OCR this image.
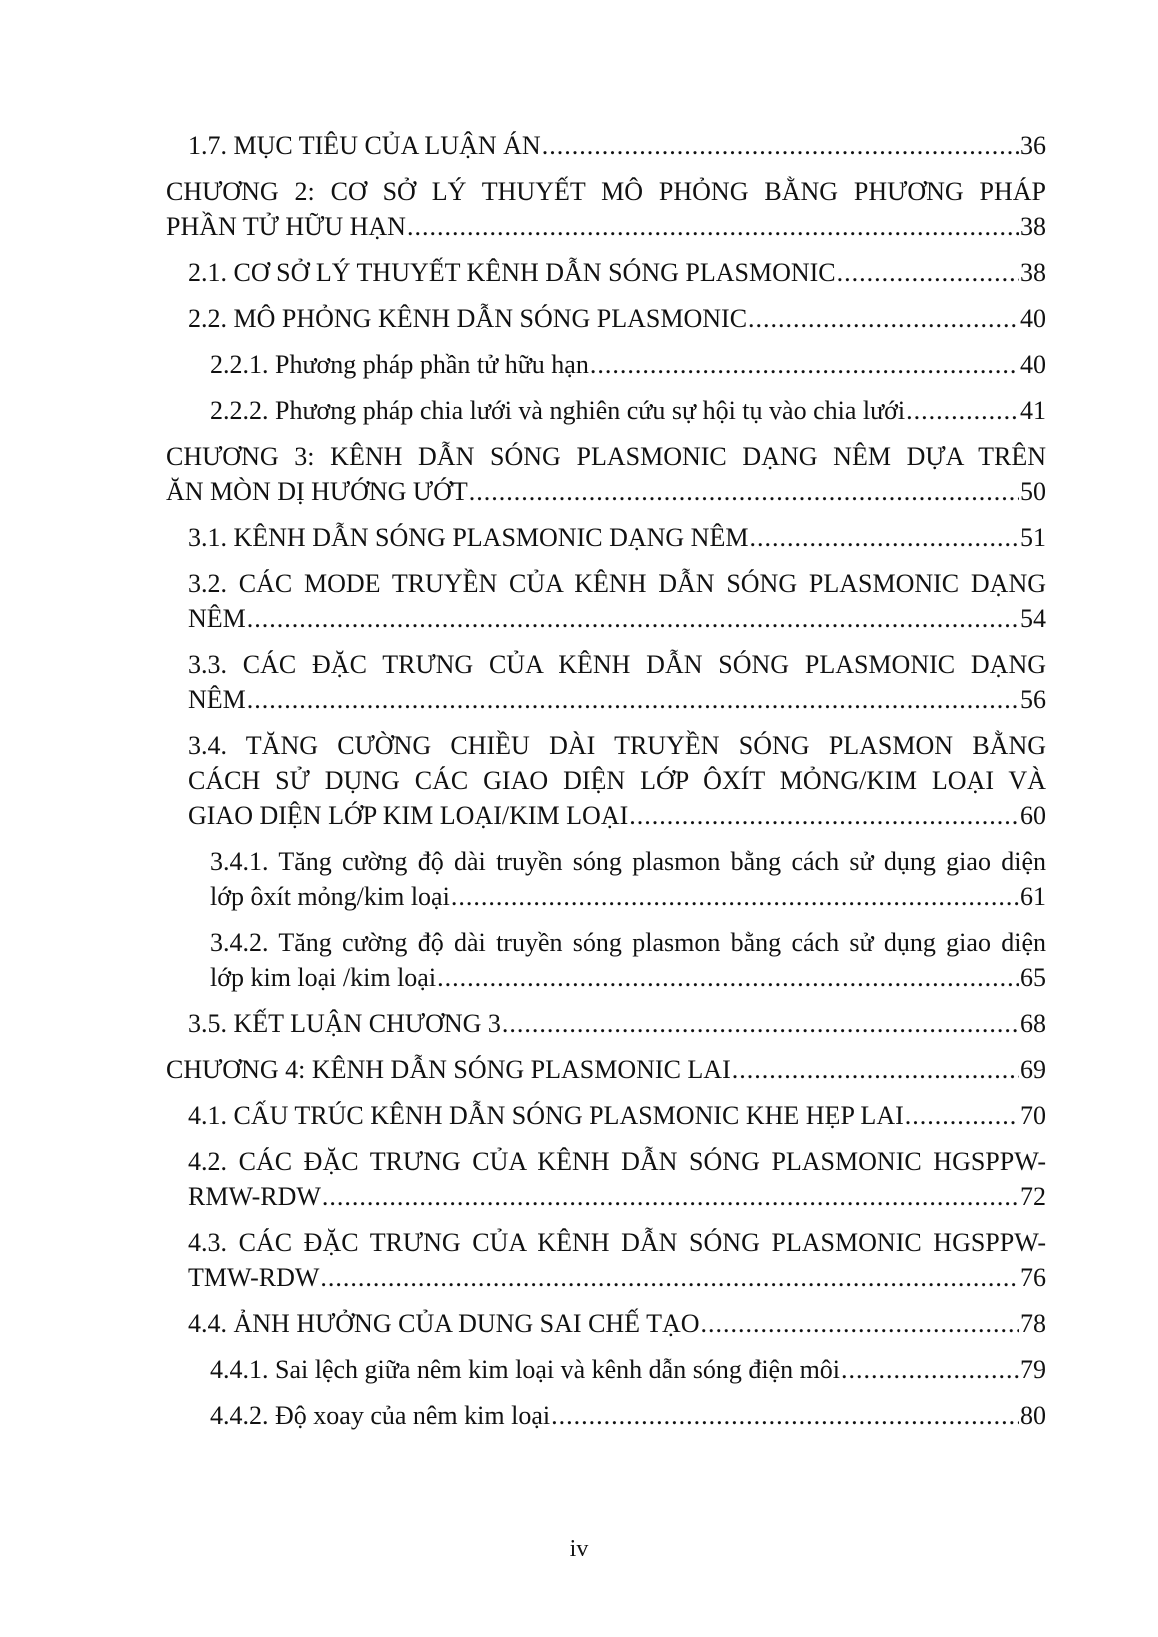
1.7. MỤC TIÊU CỦA LUẬN ÁN .....	36
CHƯƠNG 2: CƠ SỞ LÝ THUYẾT MÔ PHỎNG BẰNG PHƯƠNG PHÁP
PHẦN TỬ HỮU HẠN .....	38
2.1. CƠ SỞ LÝ THUYẾT KÊNH DẪN SÓNG PLASMONIC .....	38
2.2. MÔ PHỎNG KÊNH DẪN SÓNG PLASMONIC .....	40
2.2.1. Phương pháp phần tử hữu hạn .....	40
2.2.2. Phương pháp chia lưới và nghiên cứu sự hội tụ vào chia lưới .....	41
CHƯƠNG 3: KÊNH DẪN SÓNG PLASMONIC DẠNG NÊM DỰA TRÊN
ĂN MÒN DỊ HƯỚNG ƯỚT .....	50
3.1. KÊNH DẪN SÓNG PLASMONIC DẠNG NÊM .....	51
3.2. CÁC MODE TRUYỀN CỦA KÊNH DẪN SÓNG PLASMONIC DẠNG
NÊM .....	54
3.3. CÁC ĐẶC TRƯNG CỦA KÊNH DẪN SÓNG PLASMONIC DẠNG
NÊM .....	56
3.4. TĂNG CƯỜNG CHIỀU DÀI TRUYỀN SÓNG PLASMON BẰNG
CÁCH SỬ DỤNG CÁC GIAO DIỆN LỚP ÔXÍT MỎNG/KIM LOẠI VÀ
GIAO DIỆN LỚP KIM LOẠI/KIM LOẠI .....	60
3.4.1. Tăng cường độ dài truyền sóng plasmon bằng cách sử dụng giao diện
lớp ôxít mỏng/kim loại .....	61
3.4.2. Tăng cường độ dài truyền sóng plasmon bằng cách sử dụng giao diện
lớp kim loại /kim loại .....	65
3.5. KẾT LUẬN CHƯƠNG 3 .....	68
CHƯƠNG 4: KÊNH DẪN SÓNG PLASMONIC LAI .....	69
4.1. CẤU TRÚC KÊNH DẪN SÓNG PLASMONIC KHE HẸP LAI .....	70
4.2. CÁC ĐẶC TRƯNG CỦA KÊNH DẪN SÓNG PLASMONIC HGSPPW-
RMW-RDW .....	72
4.3. CÁC ĐẶC TRƯNG CỦA KÊNH DẪN SÓNG PLASMONIC HGSPPW-
TMW-RDW .....	76
4.4. ẢNH HƯỞNG CỦA DUNG SAI CHẾ TẠO .....	78
4.4.1. Sai lệch giữa nêm kim loại và kênh dẫn sóng điện môi .....	79
4.4.2. Độ xoay của nêm kim loại .....	80
iv
